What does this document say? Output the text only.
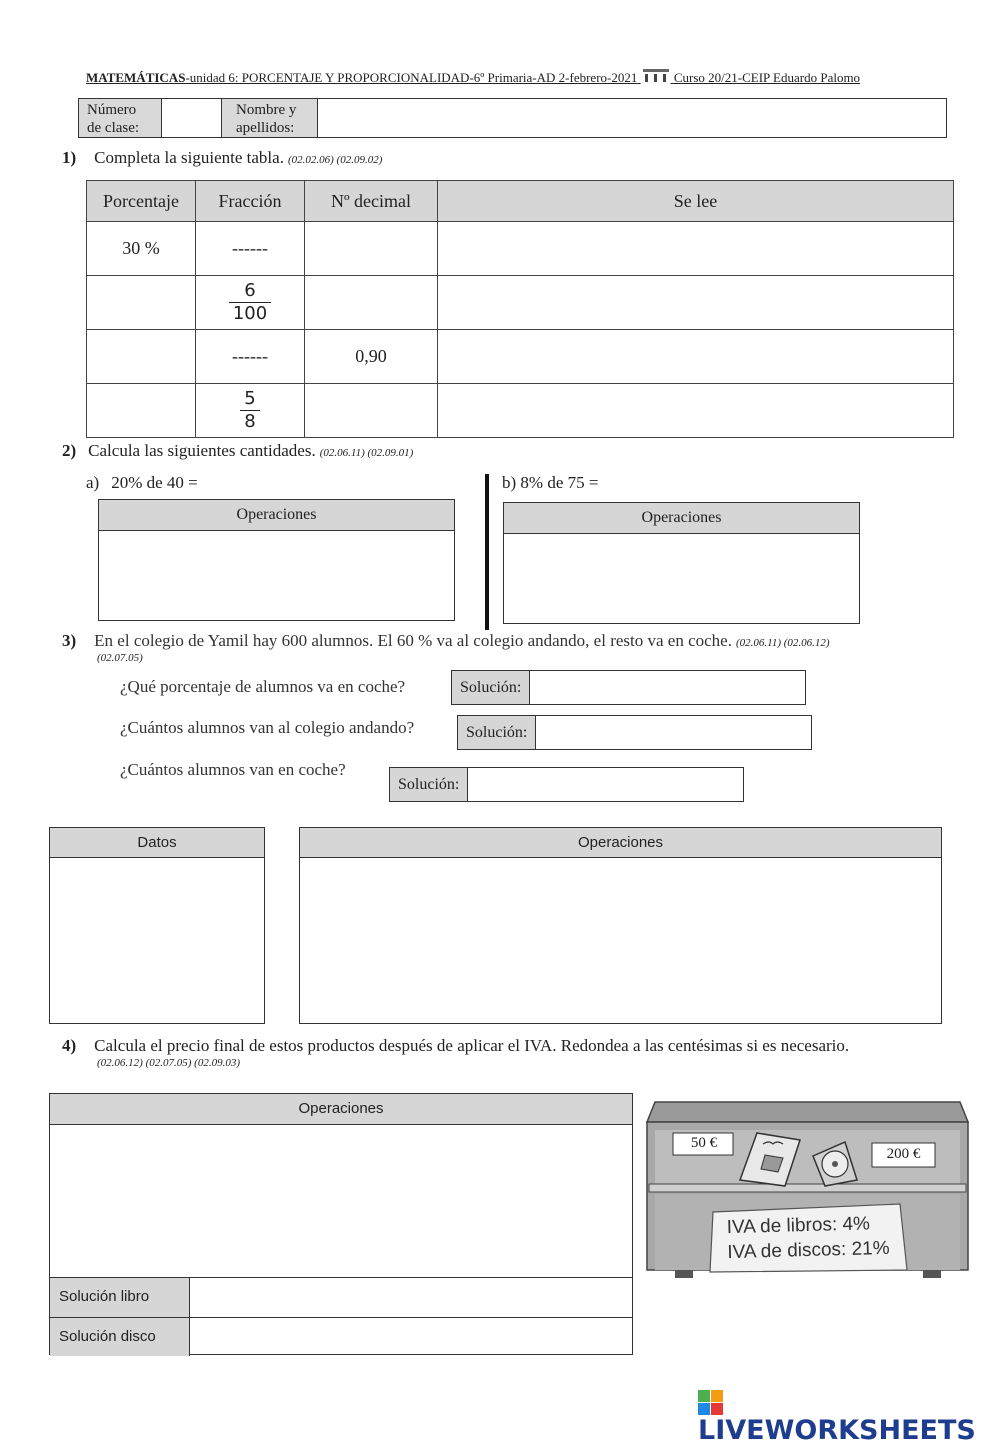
MATEMÁTICAS-unidad 6: PORCENTAJE Y PROPORCIONALIDAD-6º Primaria-AD 2-febrero-2021	Curso 20/21-CEIP Eduardo Palomo
Número
de clase:
Nombre y
apellidos:
1) Completa la siguiente tabla. (02.02.06) (02.09.02)
Porcentaje	Fracción	Nº decimal	Se lee
30 %	------		

	$\frac{6}{100}$

	------	0,90	

	$\frac{5}{8}$

2) Calcula las siguientes cantidades. (02.06.11) (02.09.01)
a) 20% de 40 =
Operaciones
b) 8% de 75 =
Operaciones
3) En el colegio de Yamil hay 600 alumnos. El 60 % va al colegio andando, el resto va en coche. (02.06.11) (02.06.12)
(02.07.05)
¿Qué porcentaje de alumnos va en coche?	Solución:
¿Cuántos alumnos van al colegio andando?	Solución:
¿Cuántos alumnos van en coche?
Solución:
Datos	Operaciones
4) Calcula el precio final de estos productos después de aplicar el IVA. Redondea a las centésimas si es necesario.
(02.06.12) (02.07.05) (02.09.03)
Operaciones
Solución libro
Solución disco
50 €
200 €
IVA de libros: 4%
IVA de discos: 21%
LIVEWORKSHEETS
